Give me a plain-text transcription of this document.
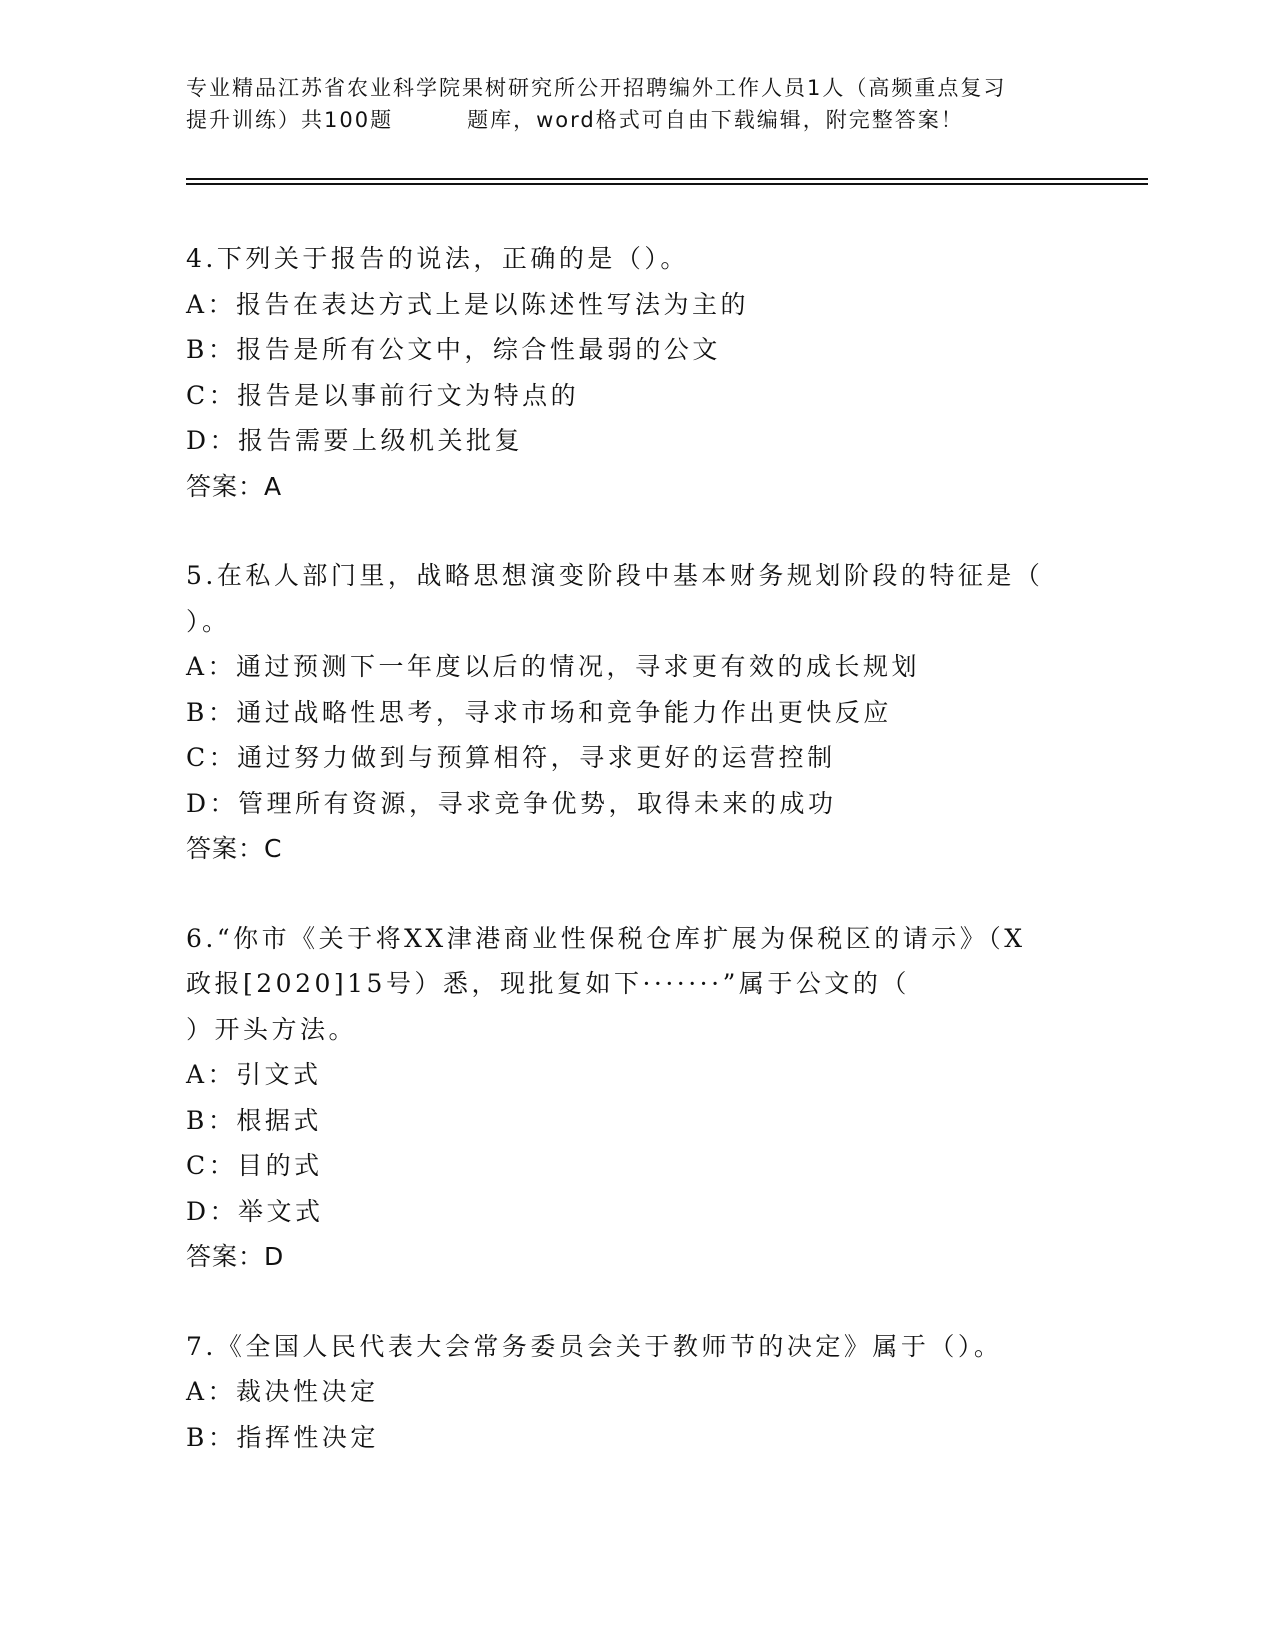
专业精品江苏省农业科学院果树研究所公开招聘编外工作人员1人（高频重点复习
提升训练）共100题	题库，word格式可自由下载编辑，附完整答案！
4.下列关于报告的说法，正确的是（）。
A：报告在表达方式上是以陈述性写法为主的
B：报告是所有公文中，综合性最弱的公文
C：报告是以事前行文为特点的
D：报告需要上级机关批复
答案：A
5.在私人部门里，战略思想演变阶段中基本财务规划阶段的特征是（
）。
A：通过预测下一年度以后的情况，寻求更有效的成长规划
B：通过战略性思考，寻求市场和竞争能力作出更快反应
C：通过努力做到与预算相符，寻求更好的运营控制
D：管理所有资源，寻求竞争优势，取得未来的成功
答案：C
6.“你市《关于将XX津港商业性保税仓库扩展为保税区的请示》（X
政报[2020]15号）悉，现批复如下·······”属于公文的（
）开头方法。
A：引文式
B：根据式
C：目的式
D：举文式
答案：D
7.《全国人民代表大会常务委员会关于教师节的决定》属于（）。
A：裁决性决定
B：指挥性决定
